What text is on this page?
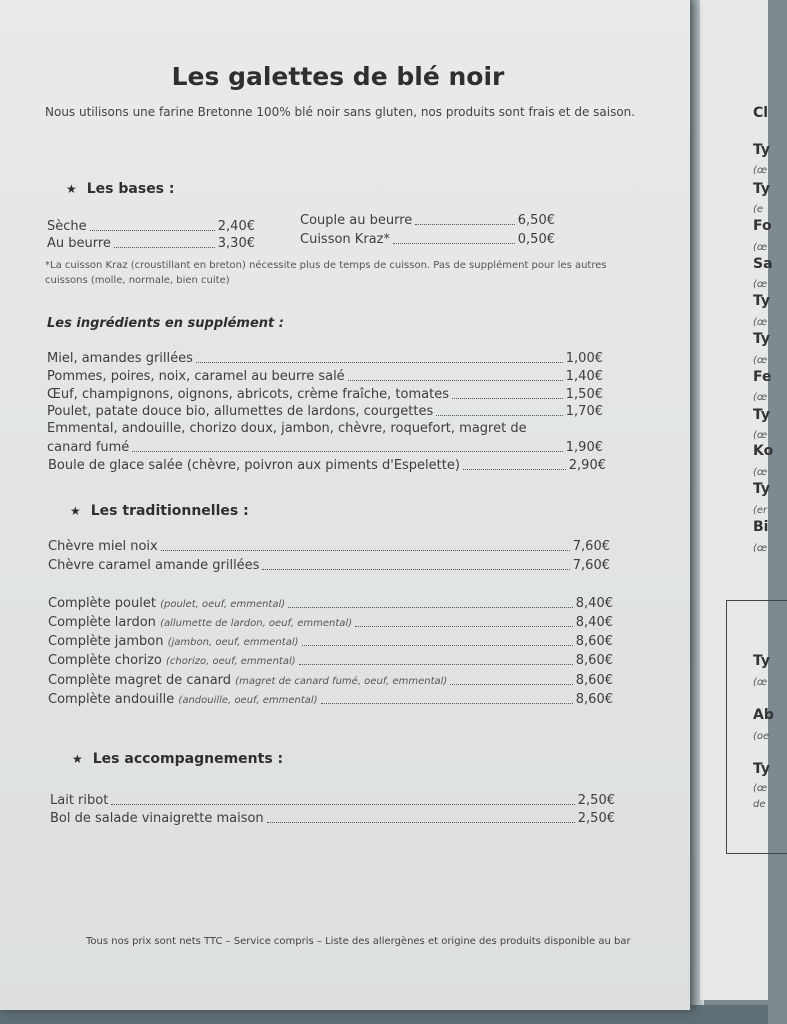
Cl
Ty
(œ
Ty
(e
Fo
(œ
Sa
(œ
Ty
(œ
Ty
(œ
Fe
(œ
Ty
(œ
Ko
(œ
Ty
(er
Bi
(œ
Ty
(œ
Ab
(oe
Ty
(œ
de
Les galettes de blé noir
Nous utilisons une farine Bretonne 100% blé noir sans gluten, nos produits sont frais et de saison.
★ Les bases :
Sèche	2,40€
Au beurre	3,30€
Couple au beurre	6,50€
Cuisson Kraz*	0,50€
*La cuisson Kraz (croustillant en breton) nécessite plus de temps de cuisson. Pas de supplément pour les autres cuissons (molle, normale, bien cuite)
Les ingrédients en supplément :
Miel, amandes grillées	1,00€
Pommes, poires, noix, caramel au beurre salé	1,40€
Œuf, champignons, oignons, abricots, crème fraîche, tomates	1,50€
Poulet, patate douce bio, allumettes de lardons, courgettes	1,70€
Emmental, andouille, chorizo doux, jambon, chèvre, roquefort, magret de
canard fumé	1,90€
Boule de glace salée (chèvre, poivron aux piments d'Espelette)	2,90€
★ Les traditionnelles :
Chèvre miel noix	7,60€
Chèvre caramel amande grillées	7,60€
Complète poulet (poulet, oeuf, emmental)	8,40€
Complète lardon (allumette de lardon, oeuf, emmental)	8,40€
Complète jambon (jambon, oeuf, emmental)	8,60€
Complète chorizo (chorizo, oeuf, emmental)	8,60€
Complète magret de canard (magret de canard fumé, oeuf, emmental)	8,60€
Complète andouille (andouille, oeuf, emmental)	8,60€
★ Les accompagnements :
Lait ribot	2,50€
Bol de salade vinaigrette maison	2,50€
Tous nos prix sont nets TTC – Service compris – Liste des allergènes et origine des produits disponible au bar
